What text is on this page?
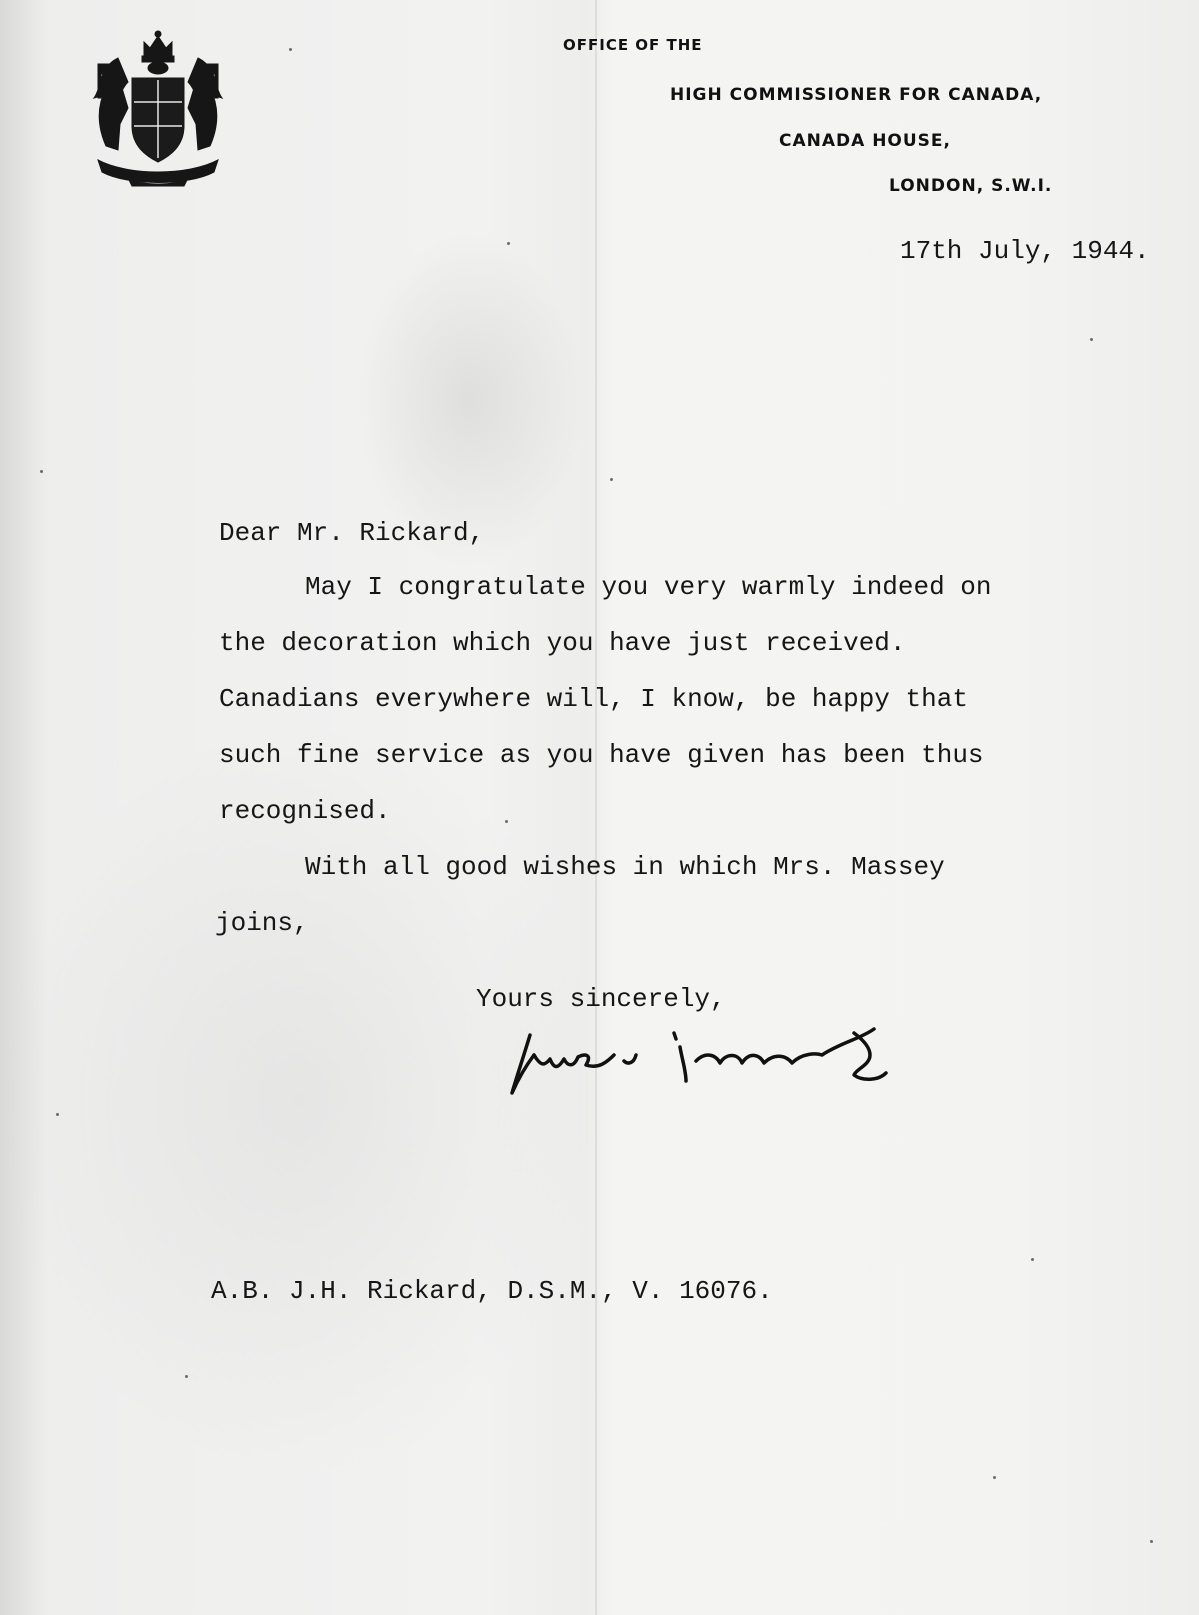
OFFICE OF THE
HIGH COMMISSIONER FOR CANADA,
CANADA HOUSE,
LONDON, S.W.I.
17th July, 1944.
Dear Mr. Rickard,
May I congratulate you very warmly indeed on
the decoration which you have just received.
Canadians everywhere will, I know, be happy that
such fine service as you have given has been thus
recognised.
With all good wishes in which Mrs. Massey
joins,
Yours sincerely,
A.B. J.H. Rickard, D.S.M., V. 16076.
